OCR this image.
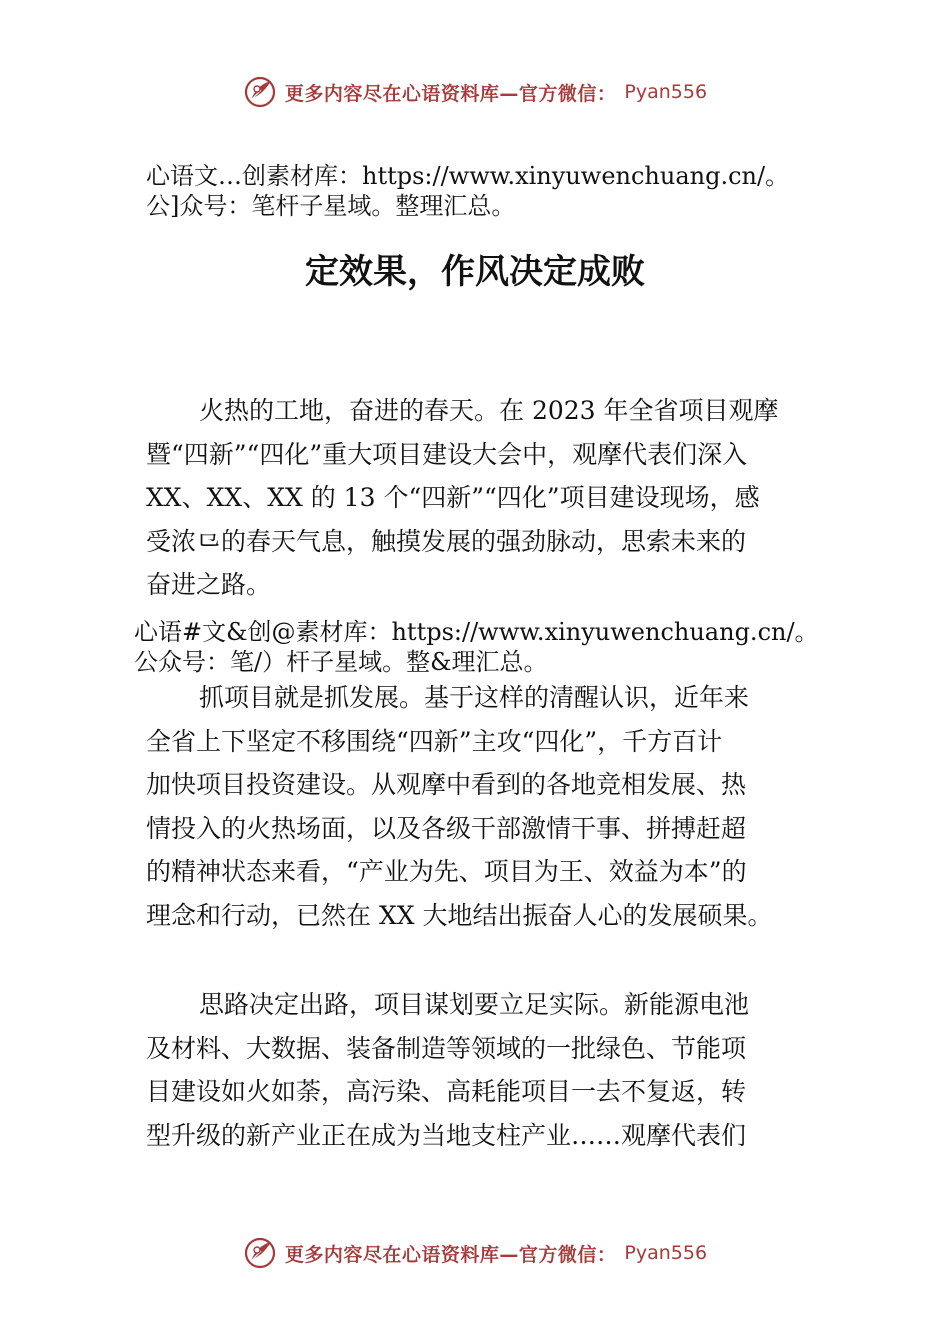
更多内容尽在心语资料库—官方微信： Pyan556
心语文…创素材库：https://www.xinyuwenchuang.cn/。
公]众号：笔杆子星域。整理汇总。
定效果，作风决定成败
火热的工地，奋进的春天。在 2023 年全省项目观摩
暨“四新”“四化”重大项目建设大会中，观摩代表们深入
XX、XX、XX 的 13 个“四新”“四化”项目建设现场，感
受浓⺋的春天气息，触摸发展的强劲脉动，思索未来的
奋进之路。
心语#文&创@素材库：https://www.xinyuwenchuang.cn/。
公众号：笔/）杆子星域。整&理汇总。
抓项目就是抓发展。基于这样的清醒认识，近年来
全省上下坚定不移围绕“四新”主攻“四化”，千方百计
加快项目投资建设。从观摩中看到的各地竞相发展、热
情投入的火热场面，以及各级干部激情干事、拼搏赶超
的精神状态来看，“产业为先、项目为王、效益为本”的
理念和行动，已然在 XX 大地结出振奋人心的发展硕果。
思路决定出路，项目谋划要立足实际。新能源电池
及材料、大数据、装备制造等领域的一批绿色、节能项
目建设如火如荼，高污染、高耗能项目一去不复返，转
型升级的新产业正在成为当地支柱产业……观摩代表们
更多内容尽在心语资料库—官方微信： Pyan556
